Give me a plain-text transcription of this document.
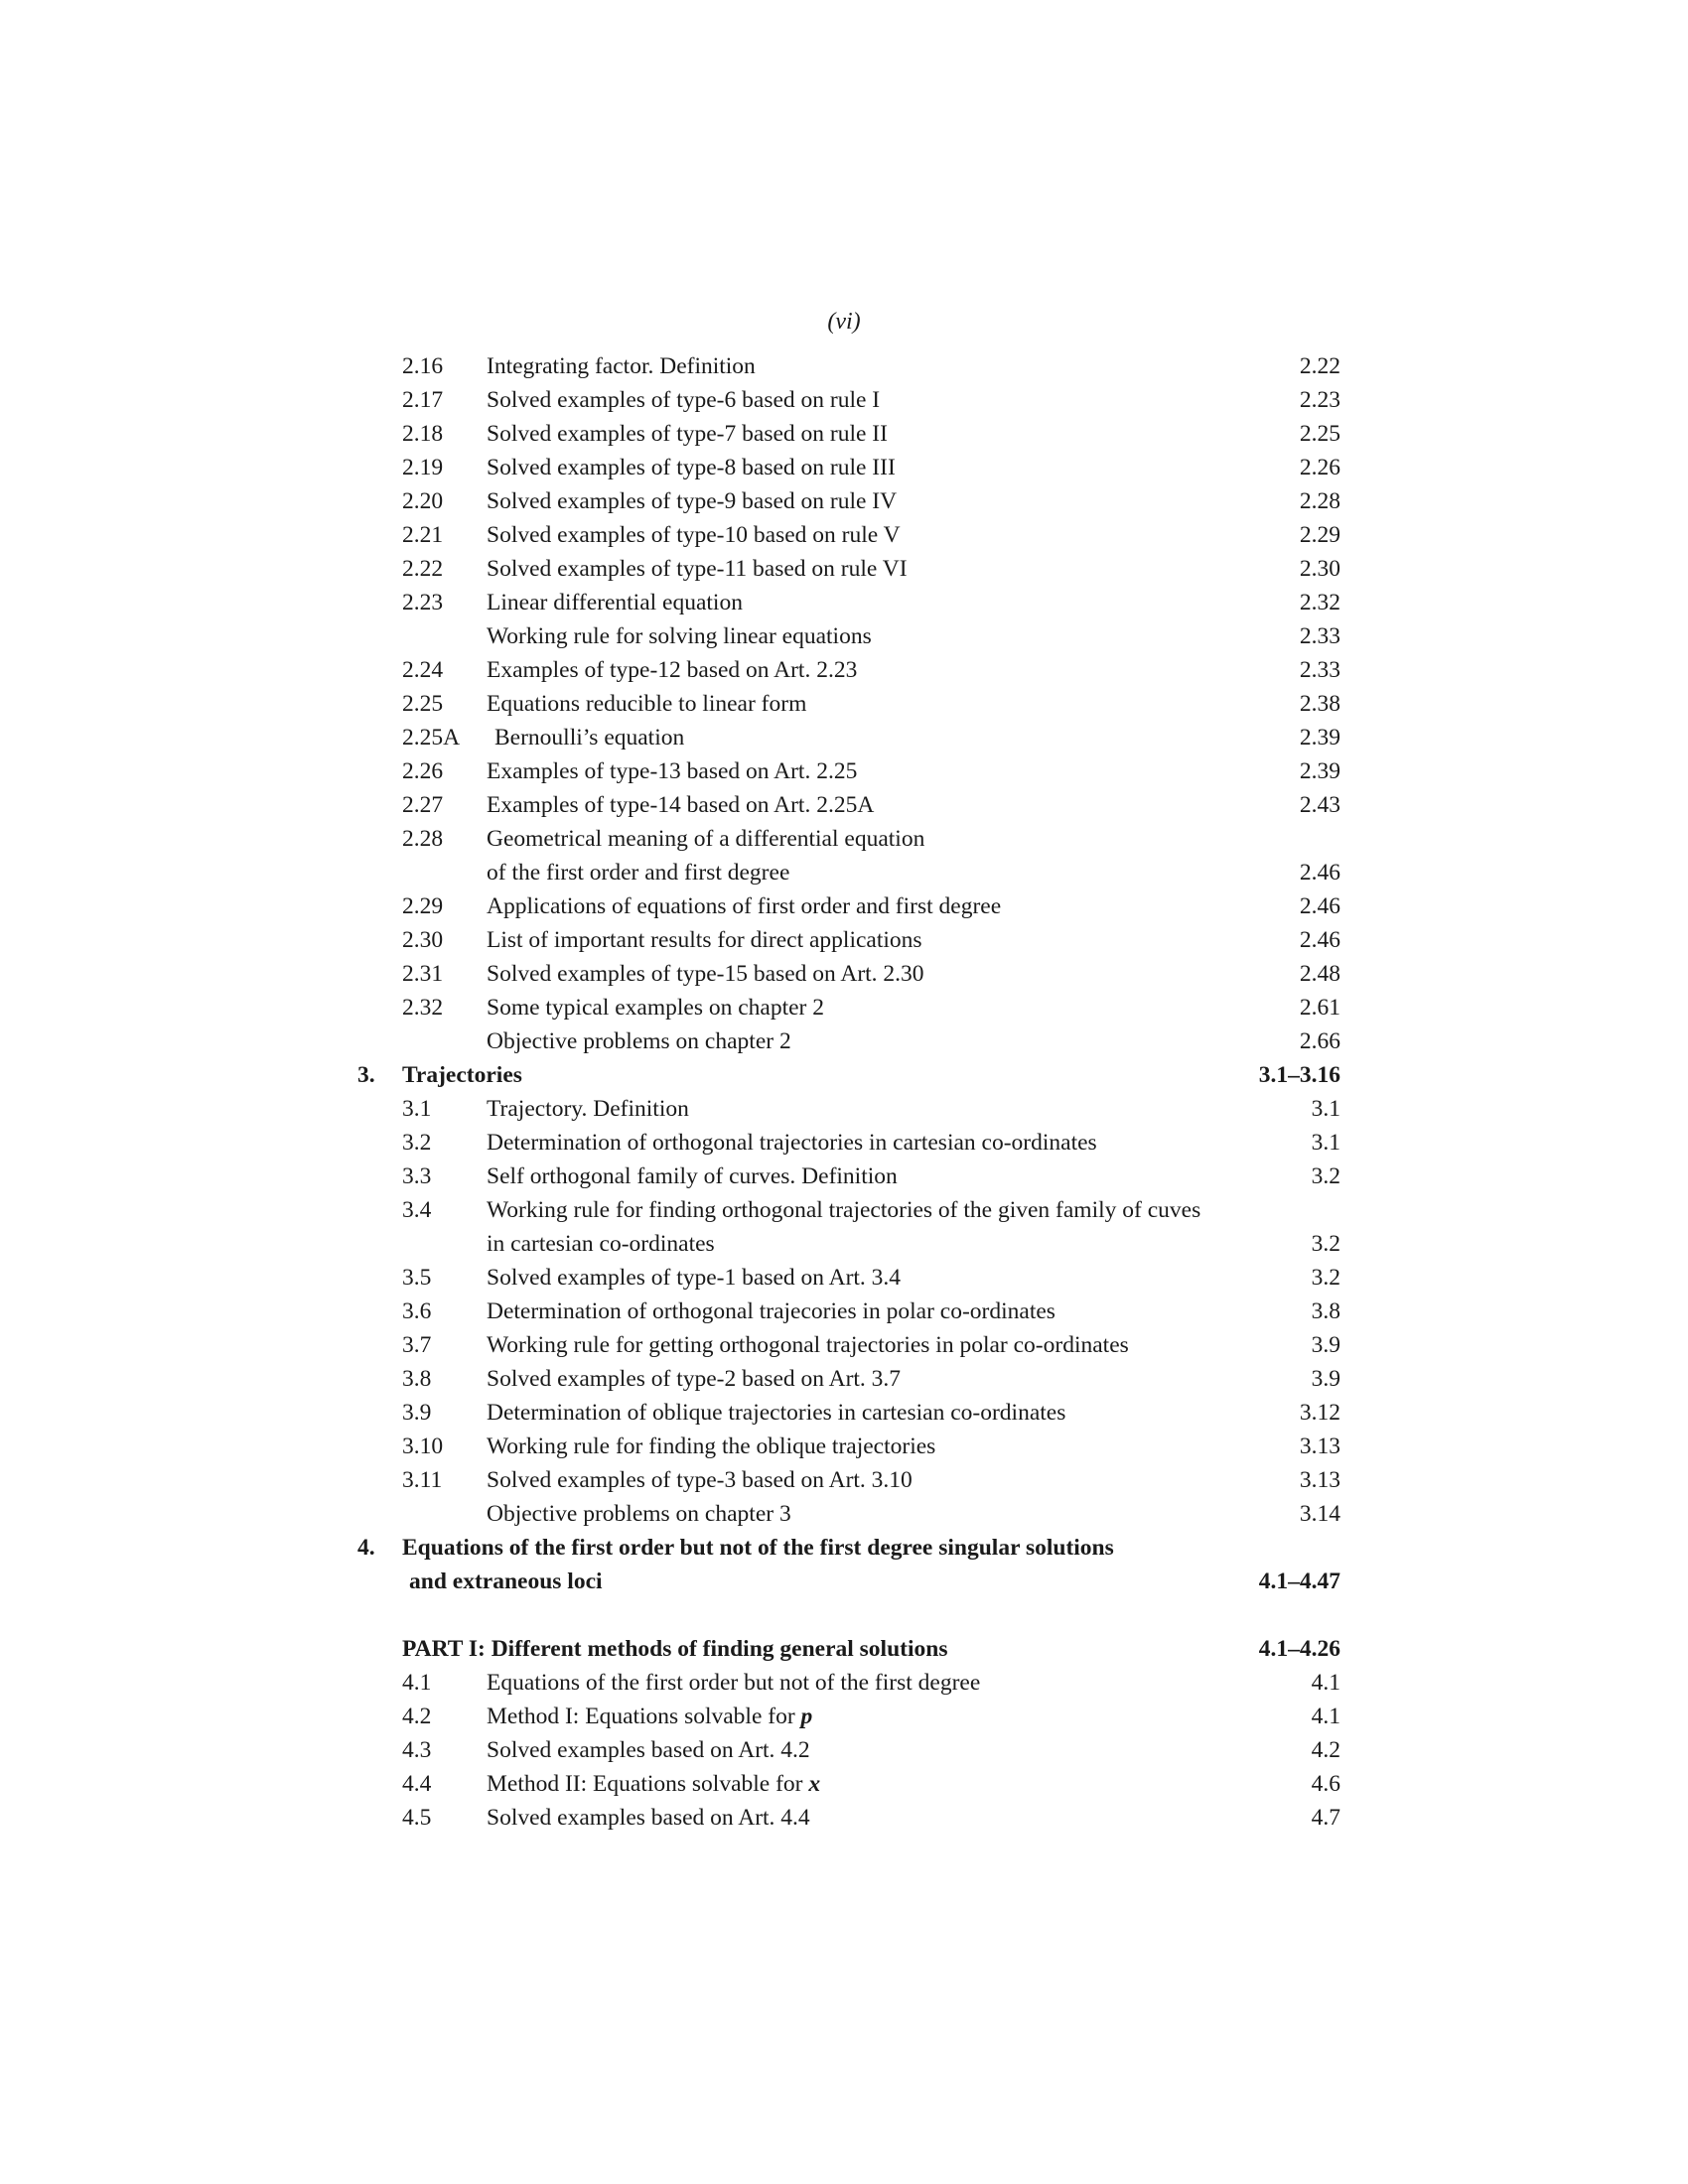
(vi)
2.16 Integrating factor. Definition	2.22
2.17 Solved examples of type-6 based on rule I	2.23
2.18 Solved examples of type-7 based on rule II	2.25
2.19 Solved examples of type-8 based on rule III	2.26
2.20 Solved examples of type-9 based on rule IV	2.28
2.21 Solved examples of type-10 based on rule V	2.29
2.22 Solved examples of type-11 based on rule VI	2.30
2.23 Linear differential equation	2.32
Working rule for solving linear equations	2.33
2.24 Examples of type-12 based on Art. 2.23	2.33
2.25 Equations reducible to linear form	2.38
2.25A Bernoulli’s equation	2.39
2.26 Examples of type-13 based on Art. 2.25	2.39
2.27 Examples of type-14 based on Art. 2.25A	2.43
2.28 Geometrical meaning of a differential equation
of the first order and first degree	2.46
2.29 Applications of equations of first order and first degree	2.46
2.30 List of important results for direct applications	2.46
2.31 Solved examples of type-15 based on Art. 2.30	2.48
2.32 Some typical examples on chapter 2	2.61
Objective problems on chapter 2	2.66
3. Trajectories	3.1–3.16
3.1 Trajectory. Definition	3.1
3.2 Determination of orthogonal trajectories in cartesian co-ordinates	3.1
3.3 Self orthogonal family of curves. Definition	3.2
3.4 Working rule for finding orthogonal trajectories of the given family of cuves
in cartesian co-ordinates	3.2
3.5 Solved examples of type-1 based on Art. 3.4	3.2
3.6 Determination of orthogonal trajecories in polar co-ordinates	3.8
3.7 Working rule for getting orthogonal trajectories in polar co-ordinates	3.9
3.8 Solved examples of type-2 based on Art. 3.7	3.9
3.9 Determination of oblique trajectories in cartesian co-ordinates	3.12
3.10 Working rule for finding the oblique trajectories	3.13
3.11 Solved examples of type-3 based on Art. 3.10	3.13
Objective problems on chapter 3	3.14
4. Equations of the first order but not of the first degree singular solutions
and extraneous loci	4.1–4.47
PART I: Different methods of finding general solutions	4.1–4.26
4.1 Equations of the first order but not of the first degree	4.1
4.2 Method I: Equations solvable for p	4.1
4.3 Solved examples based on Art. 4.2	4.2
4.4 Method II: Equations solvable for x	4.6
4.5 Solved examples based on Art. 4.4	4.7
